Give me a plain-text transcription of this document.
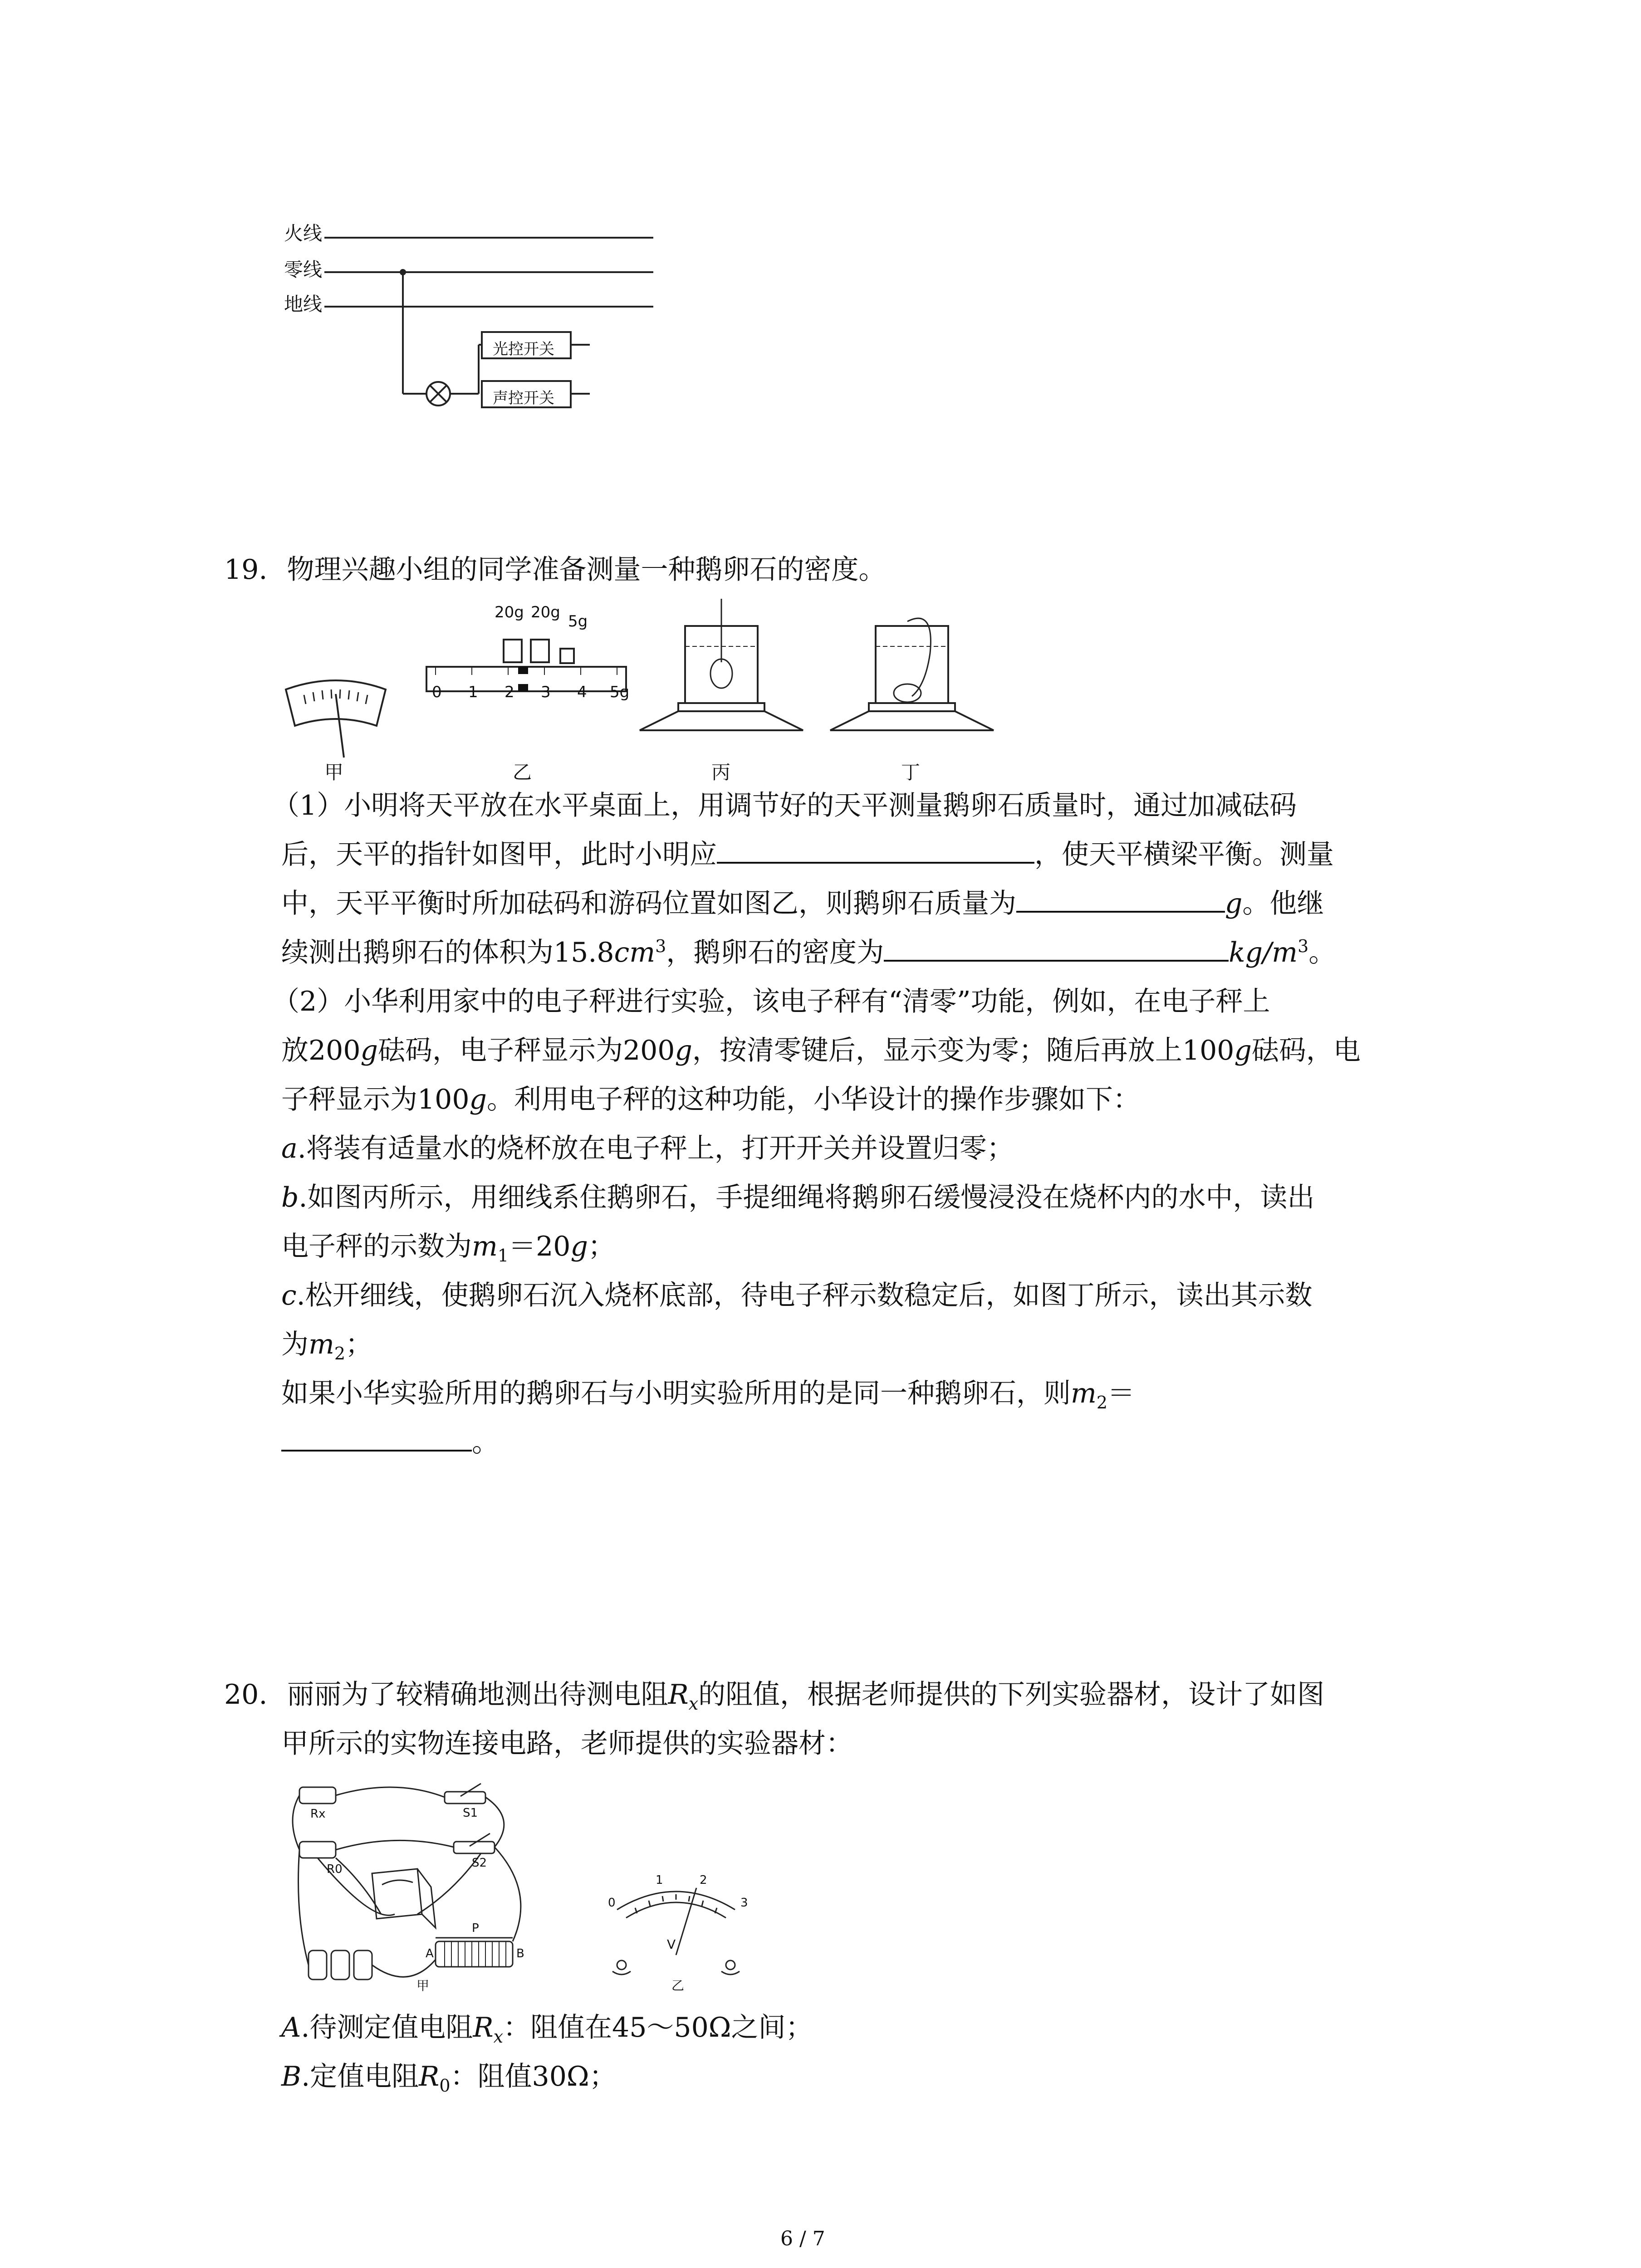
火线
零线
地线
光控开关
声控开关
19. 物理兴趣小组的同学准备测量一种鹅卵石的密度。
20g 20g 5g
0 1 2 3 4 5g
甲	乙	丙	丁
（1）小明将天平放在水平桌面上，用调节好的天平测量鹅卵石质量时，通过加减砝码
后，天平的指针如图甲，此时小明应	，使天平横梁平衡。测量
中，天平平衡时所加砝码和游码位置如图乙，则鹅卵石质量为	g。他继
续测出鹅卵石的体积为$15.8cm^3$，鹅卵石的密度为	$kg/m^3$。
（2）小华利用家中的电子秤进行实验，该电子秤有“清零”功能，例如，在电子秤上
放200g砝码，电子秤显示为200g，按清零键后，显示变为零；随后再放上100g砝码，电
子秤显示为100g。利用电子秤的这种功能，小华设计的操作步骤如下：
a.将装有适量水的烧杯放在电子秤上，打开开关并设置归零；
b.如图丙所示，用细线系住鹅卵石，手提细绳将鹅卵石缓慢浸没在烧杯内的水中，读出
电子秤的示数为$m_1=20g$；
c.松开细线，使鹅卵石沉入烧杯底部，待电子秤示数稳定后，如图丁所示，读出其示数
为$m_2$；
如果小华实验所用的鹅卵石与小明实验所用的是同一种鹅卵石，则$m_2=$
。
20. 丽丽为了较精确地测出待测电阻$R_x$的阻值，根据老师提供的下列实验器材，设计了如图
甲所示的实物连接电路，老师提供的实验器材：
Rx	S1
R0	S2
P
A	B
甲
0
1	2
3
V
乙
A.待测定值电阻$R_x$：阻值在45～50Ω之间；
B.定值电阻$R_0$：阻值30Ω；
6 / 7
